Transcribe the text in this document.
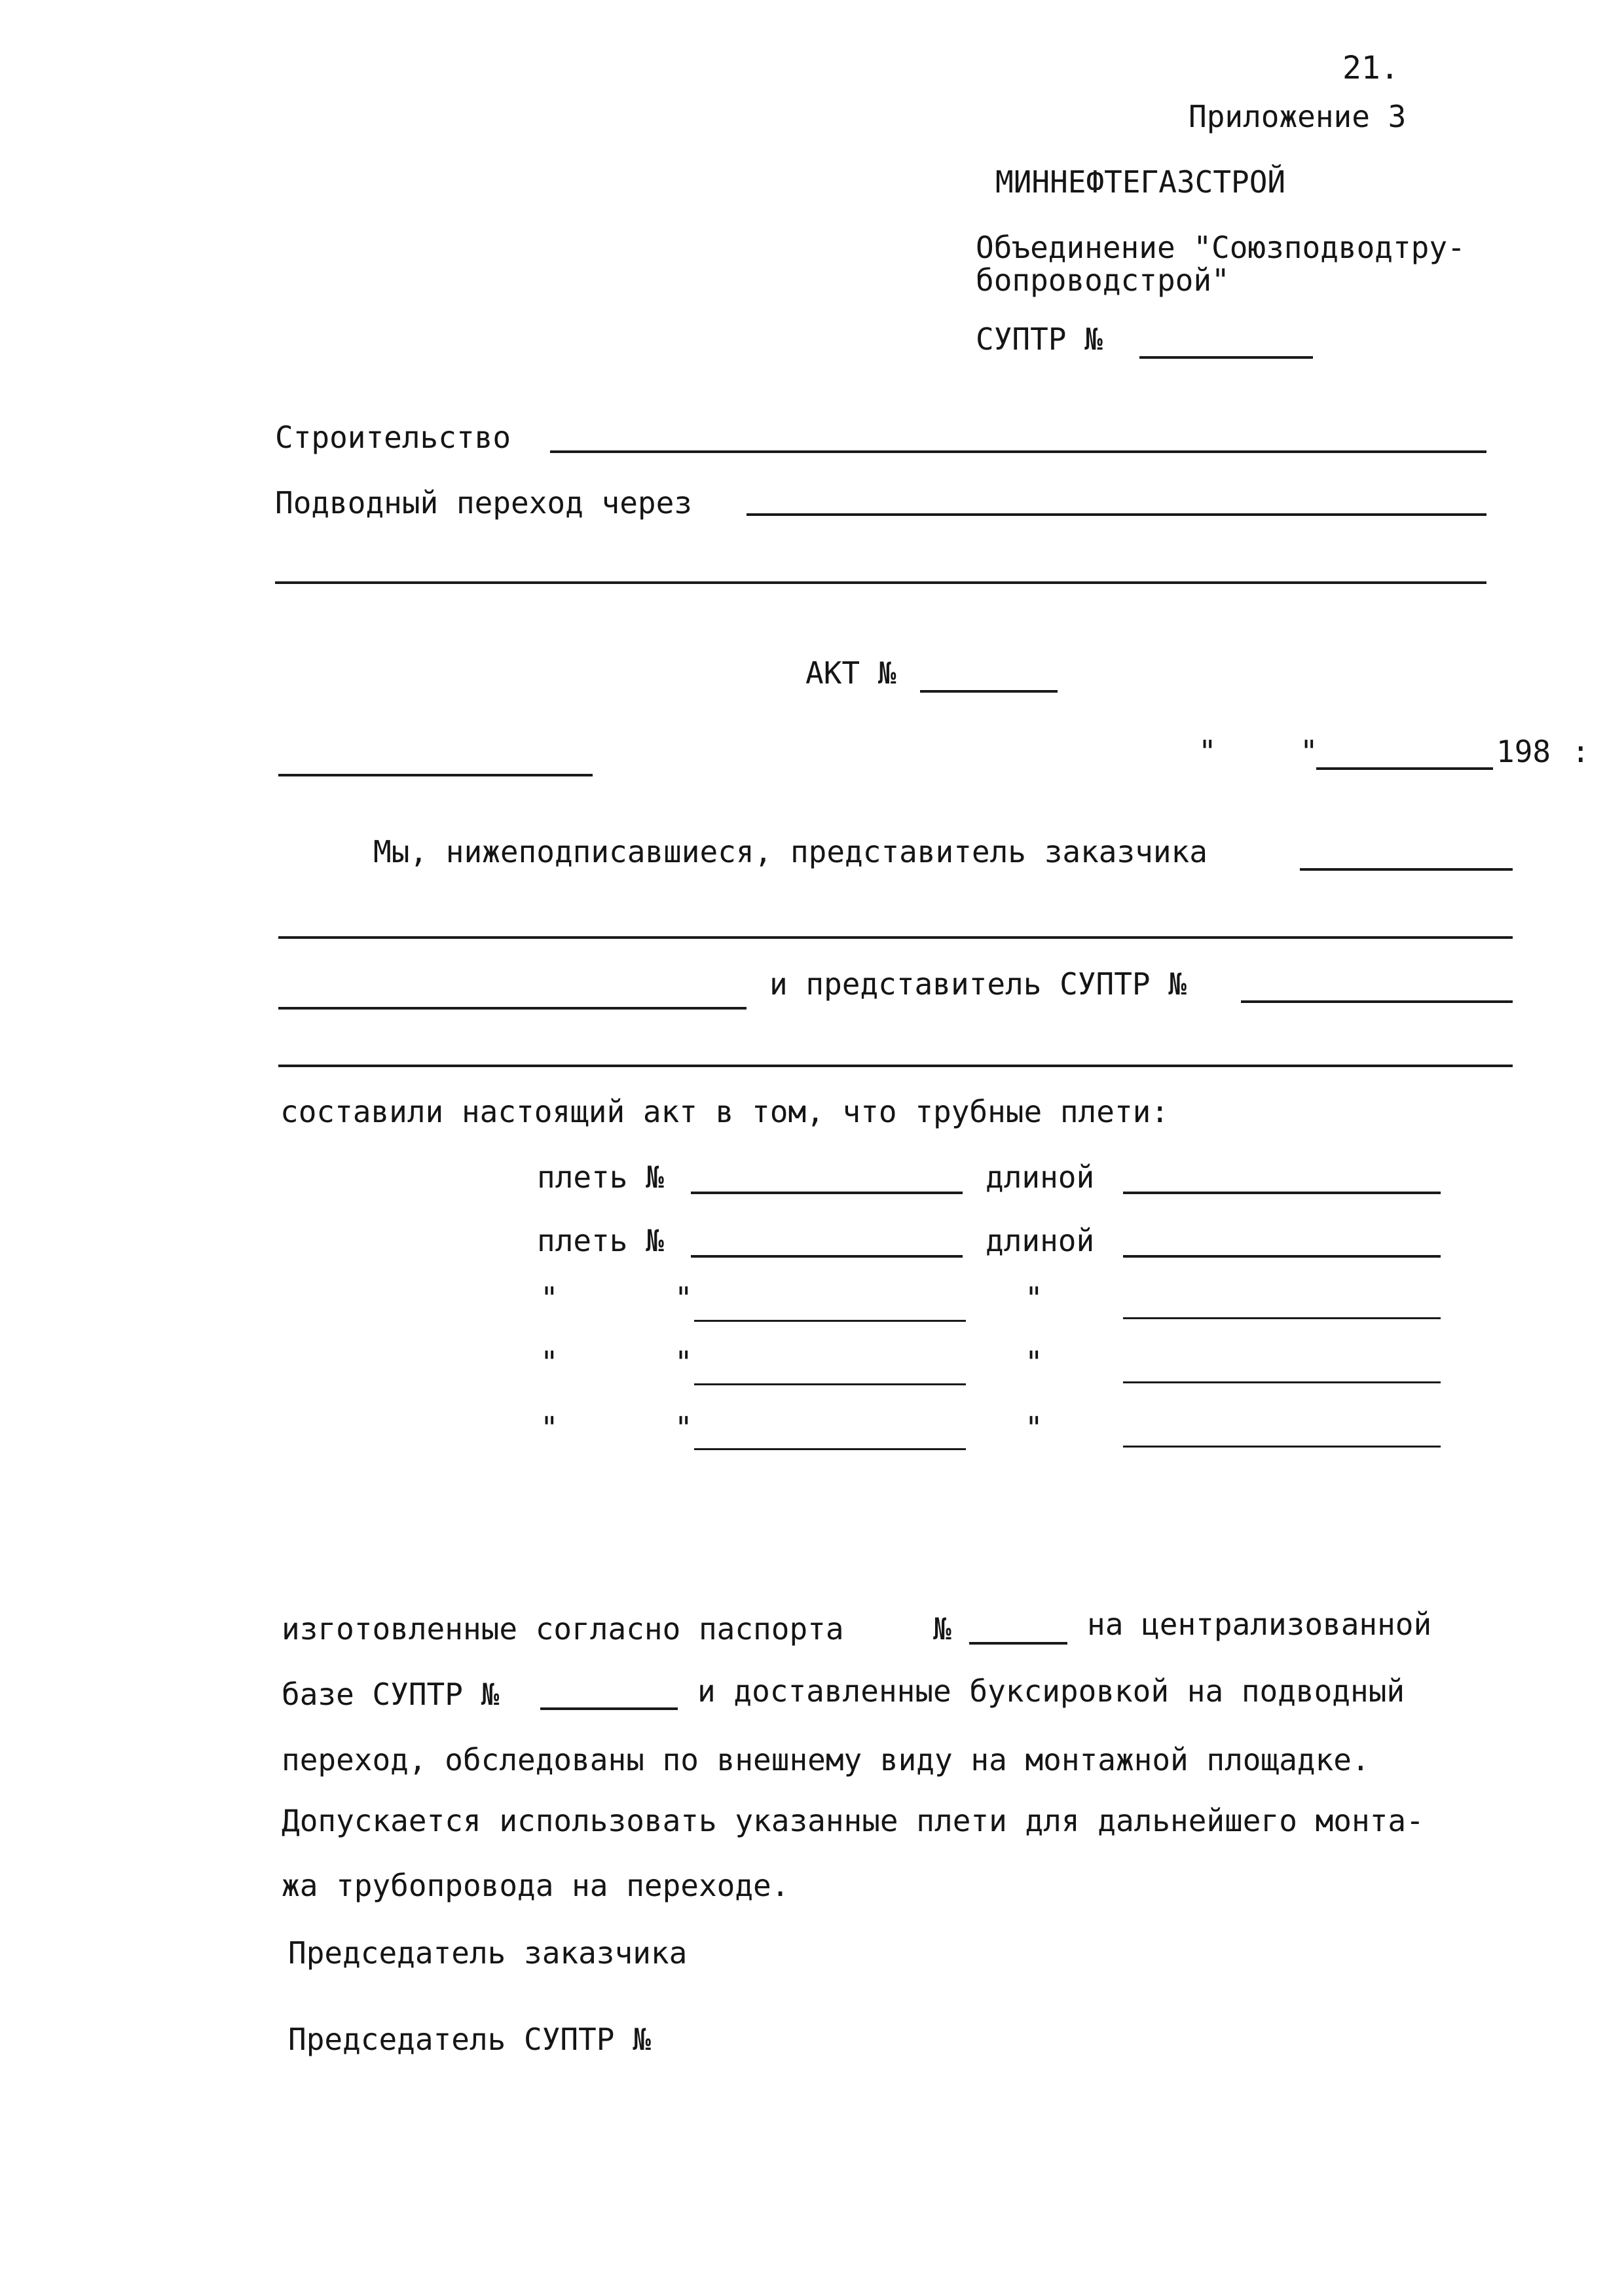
21.
Приложение 3
МИННЕФТЕГАЗСТРОЙ
Объединение "Союзподводтру-
бопроводстрой"
СУПТР №
Строительство
Подводный переход через
АКТ №
"	"	198 :
Мы, нижеподписавшиеся, представитель заказчика
и представитель СУПТР №
составили настоящий акт в том, что трубные плети:
плеть №	длиной
плеть №	длиной
"	"	"
"	"	"
"	"	"
изготовленные согласно паспорта	№	на централизованной
базе СУПТР №	и доставленные буксировкой на подводный
переход, обследованы по внешнему виду на монтажной площадке.
Допускается использовать указанные плети для дальнейшего монта-
жа трубопровода на переходе.
Председатель заказчика
Председатель СУПТР №
